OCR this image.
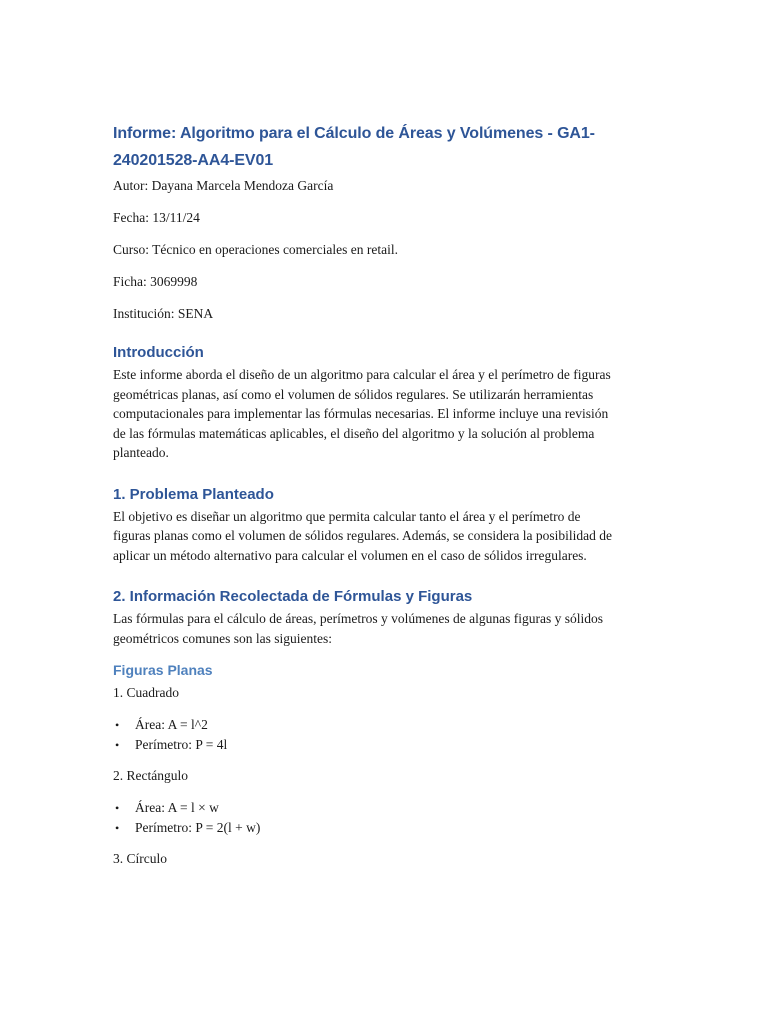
Informe: Algoritmo para el Cálculo de Áreas y Volúmenes - GA1-
240201528-AA4-EV01

Autor: Dayana Marcela Mendoza García

Fecha: 13/11/24

Curso: Técnico en operaciones comerciales en retail.

Ficha: 3069998

Institución: SENA

Introducción
Este informe aborda el diseño de un algoritmo para calcular el área y el perímetro de figuras
geométricas planas, así como el volumen de sólidos regulares. Se utilizarán herramientas
computacionales para implementar las fórmulas necesarias. El informe incluye una revisión
de las fórmulas matemáticas aplicables, el diseño del algoritmo y la solución al problema
planteado.
1. Problema Planteado
El objetivo es diseñar un algoritmo que permita calcular tanto el área y el perímetro de
figuras planas como el volumen de sólidos regulares. Además, se considera la posibilidad de
aplicar un método alternativo para calcular el volumen en el caso de sólidos irregulares.
2. Información Recolectada de Fórmulas y Figuras
Las fórmulas para el cálculo de áreas, perímetros y volúmenes de algunas figuras y sólidos
geométricos comunes son las siguientes:
Figuras Planas
1. Cuadrado
• Área: A = l^2
• Perímetro: P = 4l
2. Rectángulo
• Área: A = l × w
• Perímetro: P = 2(l + w)
3. Círculo
